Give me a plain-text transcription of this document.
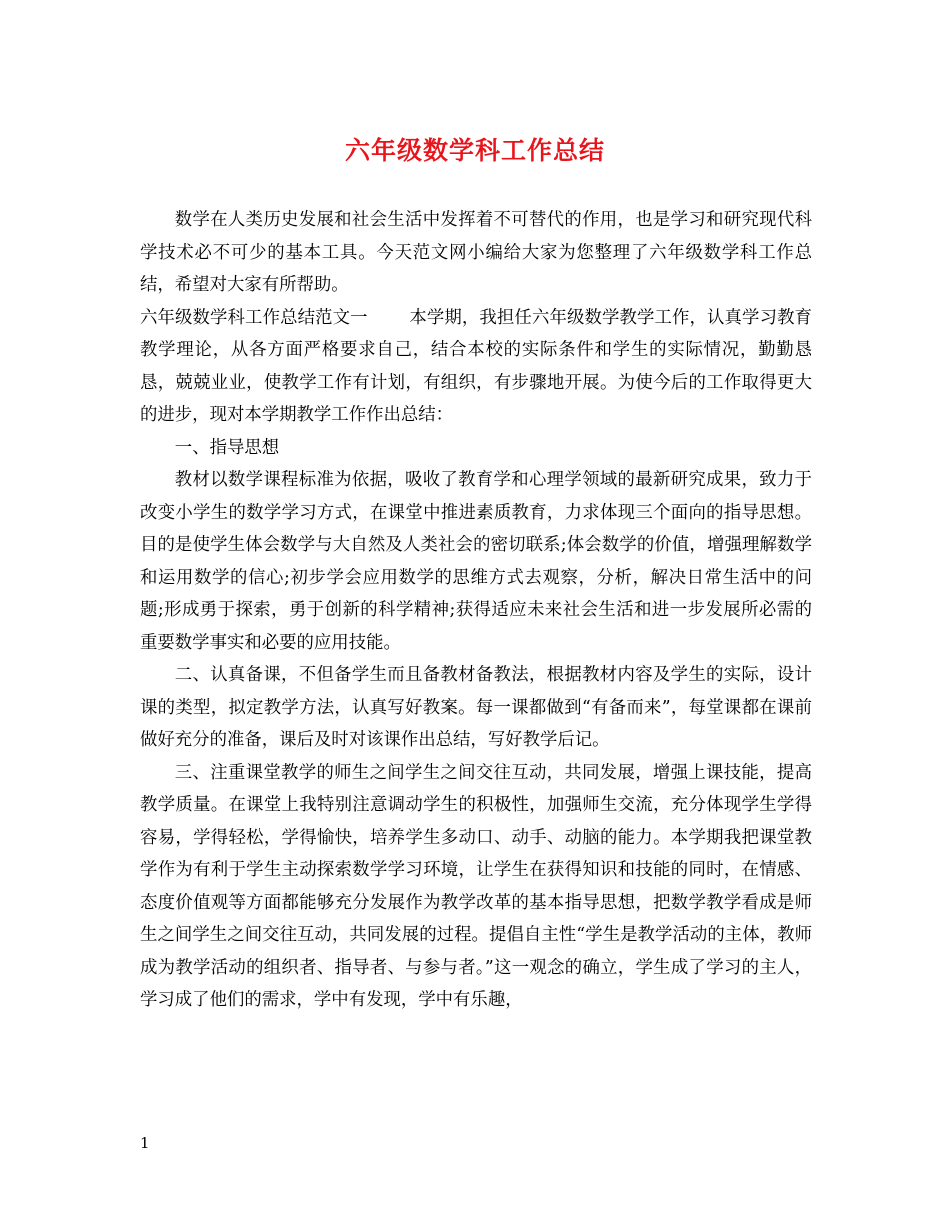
六年级数学科工作总结

数学在人类历史发展和社会生活中发挥着不可替代的作用，也是学习和研究现代科学技术必不可少的基本工具。今天范文网小编给大家为您整理了六年级数学科工作总结，希望对大家有所帮助。

六年级数学科工作总结范文一 本学期，我担任六年级数学教学工作，认真学习教育教学理论，从各方面严格要求自己，结合本校的实际条件和学生的实际情况，勤勤恳恳，兢兢业业，使教学工作有计划，有组织，有步骤地开展。为使今后的工作取得更大的进步，现对本学期教学工作作出总结：

一、指导思想

教材以数学课程标准为依据，吸收了教育学和心理学领域的最新研究成果，致力于改变小学生的数学学习方式，在课堂中推进素质教育，力求体现三个面向的指导思想。目的是使学生体会数学与大自然及人类社会的密切联系;体会数学的价值，增强理解数学和运用数学的信心;初步学会应用数学的思维方式去观察，分析，解决日常生活中的问题;形成勇于探索，勇于创新的科学精神;获得适应未来社会生活和进一步发展所必需的重要数学事实和必要的应用技能。

二、认真备课，不但备学生而且备教材备教法，根据教材内容及学生的实际，设计课的类型，拟定教学方法，认真写好教案。每一课都做到“有备而来”，每堂课都在课前做好充分的准备，课后及时对该课作出总结，写好教学后记。

三、注重课堂教学的师生之间学生之间交往互动，共同发展，增强上课技能，提高教学质量。在课堂上我特别注意调动学生的积极性，加强师生交流，充分体现学生学得容易，学得轻松，学得愉快，培养学生多动口、动手、动脑的能力。本学期我把课堂教学作为有利于学生主动探索数学学习环境，让学生在获得知识和技能的同时，在情感、态度价值观等方面都能够充分发展作为教学改革的基本指导思想，把数学教学看成是师生之间学生之间交往互动，共同发展的过程。提倡自主性“学生是教学活动的主体，教师成为教学活动的组织者、指导者、与参与者。”这一观念的确立，学生成了学习的主人，学习成了他们的需求，学中有发现，学中有乐趣，

1
